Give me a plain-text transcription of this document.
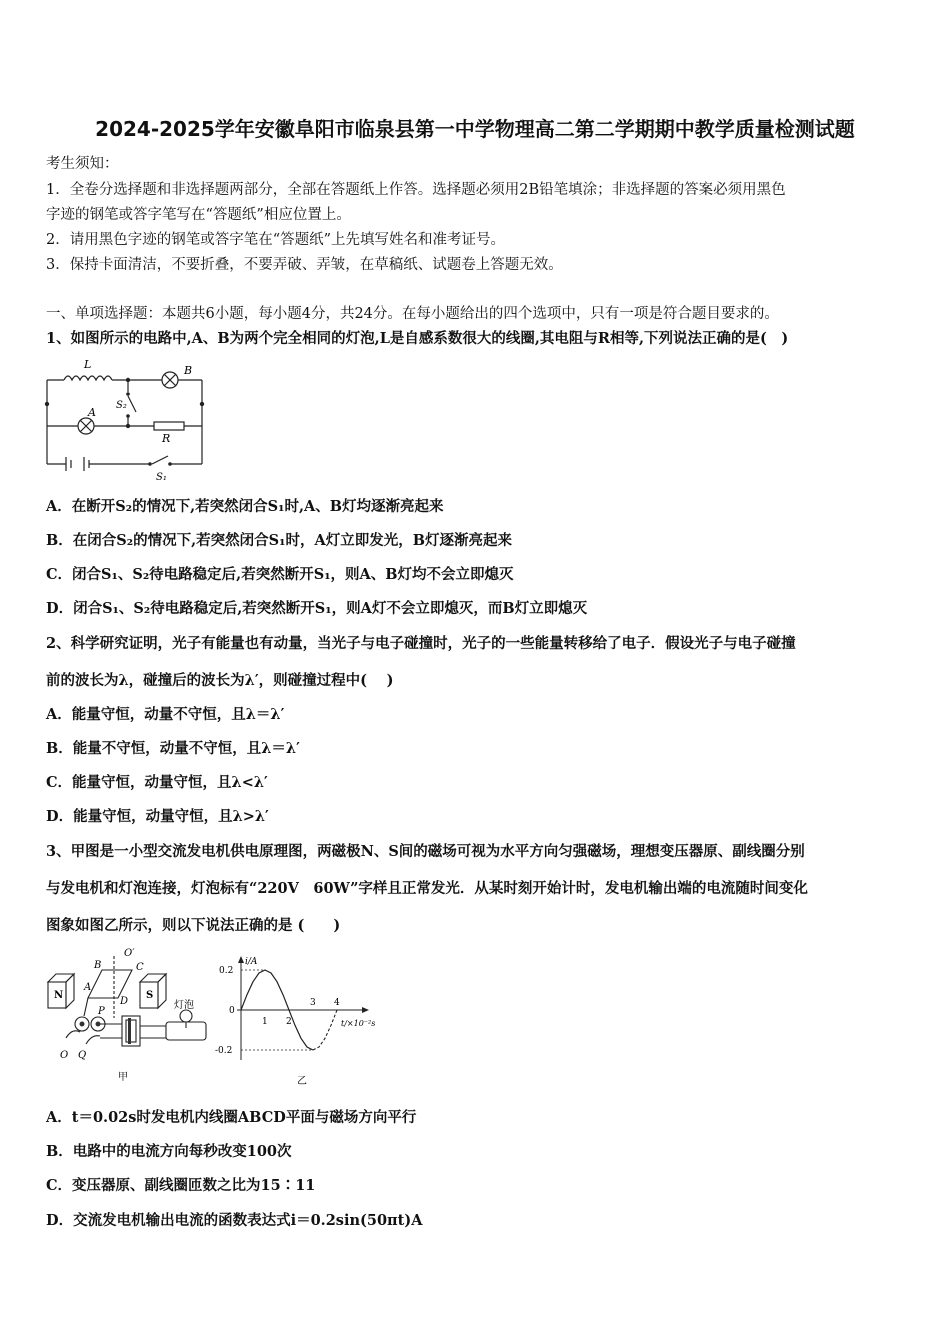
2024-2025学年安徽阜阳市临泉县第一中学物理高二第二学期期中教学质量检测试题
考生须知：
1．全卷分选择题和非选择题两部分，全部在答题纸上作答。选择题必须用2B铅笔填涂；非选择题的答案必须用黑色
字迹的钢笔或答字笔写在“答题纸”相应位置上。
2．请用黑色字迹的钢笔或答字笔在“答题纸”上先填写姓名和准考证号。
3．保持卡面清洁，不要折叠，不要弄破、弄皱，在草稿纸、试题卷上答题无效。
一、单项选择题：本题共6小题，每小题4分，共24分。在每小题给出的四个选项中，只有一项是符合题目要求的。
1、如图所示的电路中,A、B为两个完全相同的灯泡,L是自感系数很大的线圈,其电阻与R相等,下列说法正确的是(　)
L	B
S₂
A
R
S₁
A．在断开S₂的情况下,若突然闭合S₁时,A、B灯均逐渐亮起来
B．在闭合S₂的情况下,若突然闭合S₁时，A灯立即发光，B灯逐渐亮起来
C．闭合S₁、S₂待电路稳定后,若突然断开S₁，则A、B灯均不会立即熄灭
D．闭合S₁、S₂待电路稳定后,若突然断开S₁，则A灯不会立即熄灭，而B灯立即熄灭
2、科学研究证明，光子有能量也有动量，当光子与电子碰撞时，光子的一些能量转移给了电子．假设光子与电子碰撞
前的波长为λ，碰撞后的波长为λ′，则碰撞过程中(　 )
A．能量守恒，动量不守恒，且λ＝λ′
B．能量不守恒，动量不守恒，且λ＝λ′
C．能量守恒，动量守恒，且λ<λ′
D．能量守恒，动量守恒，且λ>λ′
3、甲图是一小型交流发电机供电原理图，两磁极N、S间的磁场可视为水平方向匀强磁场，理想变压器原、副线圈分别
与发电机和灯泡连接，灯泡标有“220V　60W”字样且正常发光．从某时刻开始计时，发电机输出端的电流随时间变化
图象如图乙所示，则以下说法正确的是 (　　)
N	S
A
B	C
D
O′
P
O Q
灯泡
甲
1 2
3 4
0.2
0
-0.2
i/A
t/×10⁻²s
乙
A．t＝0.02s时发电机内线圈ABCD平面与磁场方向平行
B．电路中的电流方向每秒改变100次
C．变压器原、副线圈匝数之比为15∶11
D．交流发电机输出电流的函数表达式i＝0.2sin(50πt)A
